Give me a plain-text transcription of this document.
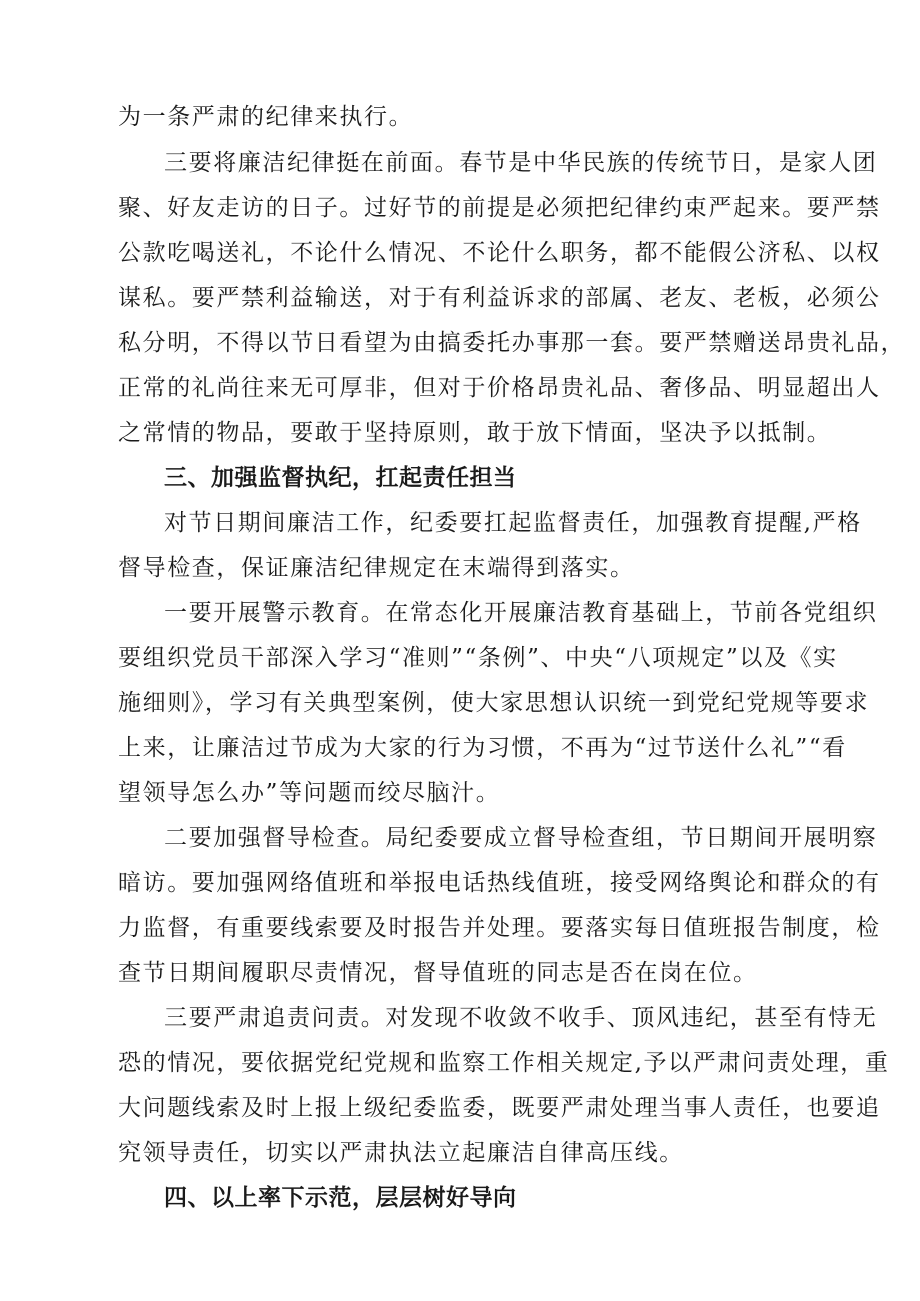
为一条严肃的纪律来执行。
三要将廉洁纪律挺在前面。春节是中华民族的传统节日，是家人团
聚、好友走访的日子。过好节的前提是必须把纪律约束严起来。要严禁
公款吃喝送礼，不论什么情况、不论什么职务，都不能假公济私、以权
谋私。要严禁利益输送，对于有利益诉求的部属、老友、老板，必须公
私分明，不得以节日看望为由搞委托办事那一套。要严禁赠送昂贵礼品，
正常的礼尚往来无可厚非，但对于价格昂贵礼品、奢侈品、明显超出人
之常情的物品，要敢于坚持原则，敢于放下情面，坚决予以抵制。
三、加强监督执纪，扛起责任担当
对节日期间廉洁工作，纪委要扛起监督责任，加强教育提醒,严格
督导检查，保证廉洁纪律规定在末端得到落实。
一要开展警示教育。在常态化开展廉洁教育基础上，节前各党组织
要组织党员干部深入学习“准则”“条例”、中央“八项规定”以及《实
施细则》，学习有关典型案例，使大家思想认识统一到党纪党规等要求
上来，让廉洁过节成为大家的行为习惯，不再为“过节送什么礼”“看
望领导怎么办”等问题而绞尽脑汁。
二要加强督导检查。局纪委要成立督导检查组，节日期间开展明察
暗访。要加强网络值班和举报电话热线值班，接受网络舆论和群众的有
力监督，有重要线索要及时报告并处理。要落实每日值班报告制度，检
查节日期间履职尽责情况，督导值班的同志是否在岗在位。
三要严肃追责问责。对发现不收敛不收手、顶风违纪，甚至有恃无
恐的情况，要依据党纪党规和监察工作相关规定,予以严肃问责处理，重
大问题线索及时上报上级纪委监委，既要严肃处理当事人责任，也要追
究领导责任，切实以严肃执法立起廉洁自律高压线。
四、以上率下示范，层层树好导向
